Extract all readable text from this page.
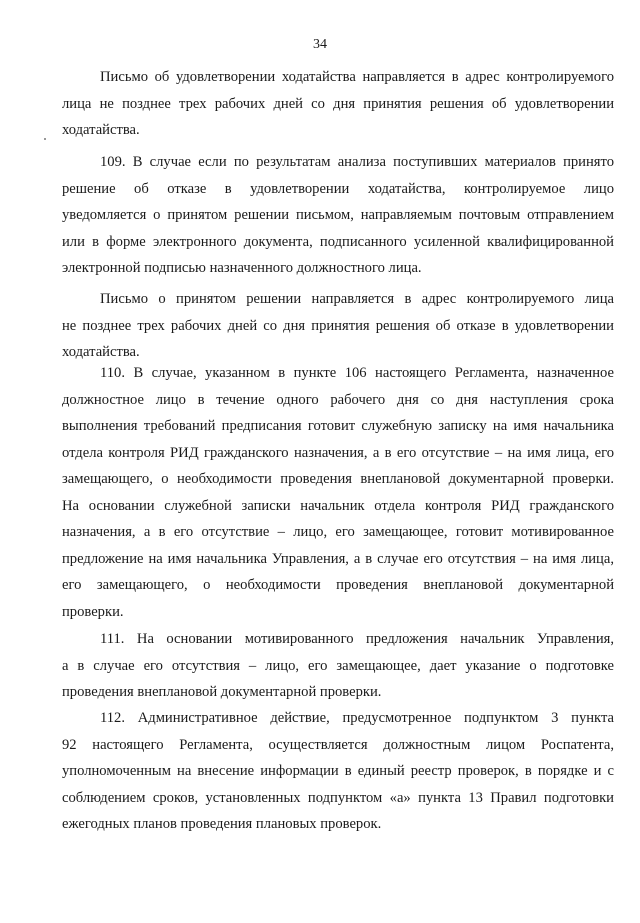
34
Письмо об удовлетворении ходатайства направляется в адрес контролируемого
лица не позднее трех рабочих дней со дня принятия решения об удовлетворении
ходатайства.
109. В случае если по результатам анализа поступивших материалов принято
решение об отказе в удовлетворении ходатайства, контролируемое лицо
уведомляется о принятом решении письмом, направляемым почтовым отправлением
или в форме электронного документа, подписанного усиленной квалифицированной
электронной подписью назначенного должностного лица.
Письмо о принятом решении направляется в адрес контролируемого лица
не позднее трех рабочих дней со дня принятия решения об отказе в удовлетворении
ходатайства.
110. В случае, указанном в пункте 106 настоящего Регламента, назначенное
должностное лицо в течение одного рабочего дня со дня наступления срока
выполнения требований предписания готовит служебную записку на имя начальника
отдела контроля РИД гражданского назначения, а в его отсутствие – на имя лица, его
замещающего, о необходимости проведения внеплановой документарной проверки.
На основании служебной записки начальник отдела контроля РИД гражданского
назначения, а в его отсутствие – лицо, его замещающее, готовит мотивированное
предложение на имя начальника Управления, а в случае его отсутствия – на имя лица,
его замещающего, о необходимости проведения внеплановой документарной
проверки.
111. На основании мотивированного предложения начальник Управления,
а в случае его отсутствия – лицо, его замещающее, дает указание о подготовке
проведения внеплановой документарной проверки.
112. Административное действие, предусмотренное подпунктом 3 пункта
92 настоящего Регламента, осуществляется должностным лицом Роспатента,
уполномоченным на внесение информации в единый реестр проверок, в порядке и с
соблюдением сроков, установленных подпунктом «а» пункта 13 Правил подготовки
ежегодных планов проведения плановых проверок.
